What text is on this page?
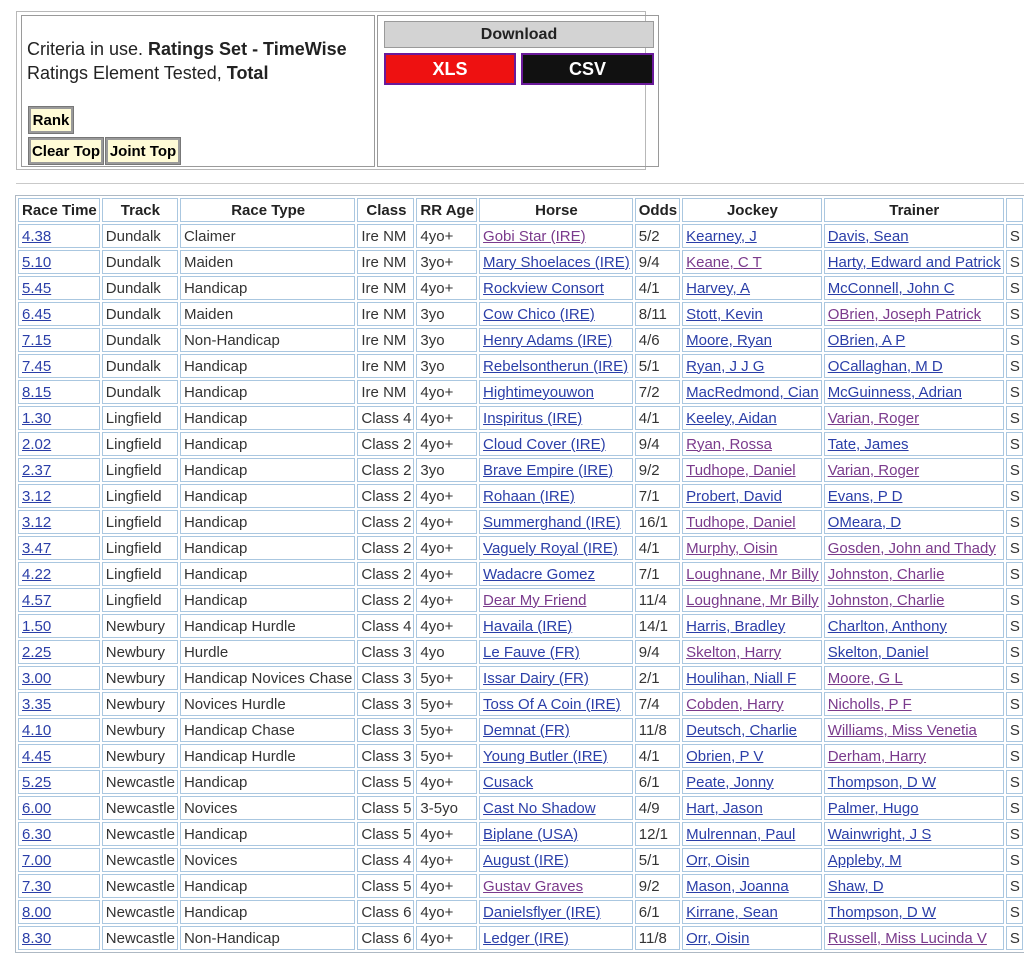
Criteria in use. Ratings Set - TimeWise
Ratings Element Tested, Total
Rank
Clear Top Joint Top
Download
XLS	CSV
Race Time	Track	Race Type	Class	RR Age	Horse	Odds	Jockey	Trainer	
4.38	Dundalk	Claimer	Ire NM	4yo+	Gobi Star (IRE)	5/2	Kearney, J	Davis, Sean	S
5.10	Dundalk	Maiden	Ire NM	3yo+	Mary Shoelaces (IRE)	9/4	Keane, C T	Harty, Edward and Patrick	S
5.45	Dundalk	Handicap	Ire NM	4yo+	Rockview Consort	4/1	Harvey, A	McConnell, John C	S
6.45	Dundalk	Maiden	Ire NM	3yo	Cow Chico (IRE)	8/11	Stott, Kevin	OBrien, Joseph Patrick	S
7.15	Dundalk	Non-Handicap	Ire NM	3yo	Henry Adams (IRE)	4/6	Moore, Ryan	OBrien, A P	S
7.45	Dundalk	Handicap	Ire NM	3yo	Rebelsontherun (IRE)	5/1	Ryan, J J G	OCallaghan, M D	S
8.15	Dundalk	Handicap	Ire NM	4yo+	Hightimeyouwon	7/2	MacRedmond, Cian	McGuinness, Adrian	S
1.30	Lingfield	Handicap	Class 4	4yo+	Inspiritus (IRE)	4/1	Keeley, Aidan	Varian, Roger	S
2.02	Lingfield	Handicap	Class 2	4yo+	Cloud Cover (IRE)	9/4	Ryan, Rossa	Tate, James	S
2.37	Lingfield	Handicap	Class 2	3yo	Brave Empire (IRE)	9/2	Tudhope, Daniel	Varian, Roger	S
3.12	Lingfield	Handicap	Class 2	4yo+	Rohaan (IRE)	7/1	Probert, David	Evans, P D	S
3.12	Lingfield	Handicap	Class 2	4yo+	Summerghand (IRE)	16/1	Tudhope, Daniel	OMeara, D	S
3.47	Lingfield	Handicap	Class 2	4yo+	Vaguely Royal (IRE)	4/1	Murphy, Oisin	Gosden, John and Thady	S
4.22	Lingfield	Handicap	Class 2	4yo+	Wadacre Gomez	7/1	Loughnane, Mr Billy	Johnston, Charlie	S
4.57	Lingfield	Handicap	Class 2	4yo+	Dear My Friend	11/4	Loughnane, Mr Billy	Johnston, Charlie	S
1.50	Newbury	Handicap Hurdle	Class 4	4yo+	Havaila (IRE)	14/1	Harris, Bradley	Charlton, Anthony	S
2.25	Newbury	Hurdle	Class 3	4yo	Le Fauve (FR)	9/4	Skelton, Harry	Skelton, Daniel	S
3.00	Newbury	Handicap Novices Chase	Class 3	5yo+	Issar Dairy (FR)	2/1	Houlihan, Niall F	Moore, G L	S
3.35	Newbury	Novices Hurdle	Class 3	5yo+	Toss Of A Coin (IRE)	7/4	Cobden, Harry	Nicholls, P F	S
4.10	Newbury	Handicap Chase	Class 3	5yo+	Demnat (FR)	11/8	Deutsch, Charlie	Williams, Miss Venetia	S
4.45	Newbury	Handicap Hurdle	Class 3	5yo+	Young Butler (IRE)	4/1	Obrien, P V	Derham, Harry	S
5.25	Newcastle	Handicap	Class 5	4yo+	Cusack	6/1	Peate, Jonny	Thompson, D W	S
6.00	Newcastle	Novices	Class 5	3-5yo	Cast No Shadow	4/9	Hart, Jason	Palmer, Hugo	S
6.30	Newcastle	Handicap	Class 5	4yo+	Biplane (USA)	12/1	Mulrennan, Paul	Wainwright, J S	S
7.00	Newcastle	Novices	Class 4	4yo+	August (IRE)	5/1	Orr, Oisin	Appleby, M	S
7.30	Newcastle	Handicap	Class 5	4yo+	Gustav Graves	9/2	Mason, Joanna	Shaw, D	S
8.00	Newcastle	Handicap	Class 6	4yo+	Danielsflyer (IRE)	6/1	Kirrane, Sean	Thompson, D W	S
8.30	Newcastle	Non-Handicap	Class 6	4yo+	Ledger (IRE)	11/8	Orr, Oisin	Russell, Miss Lucinda V	S
